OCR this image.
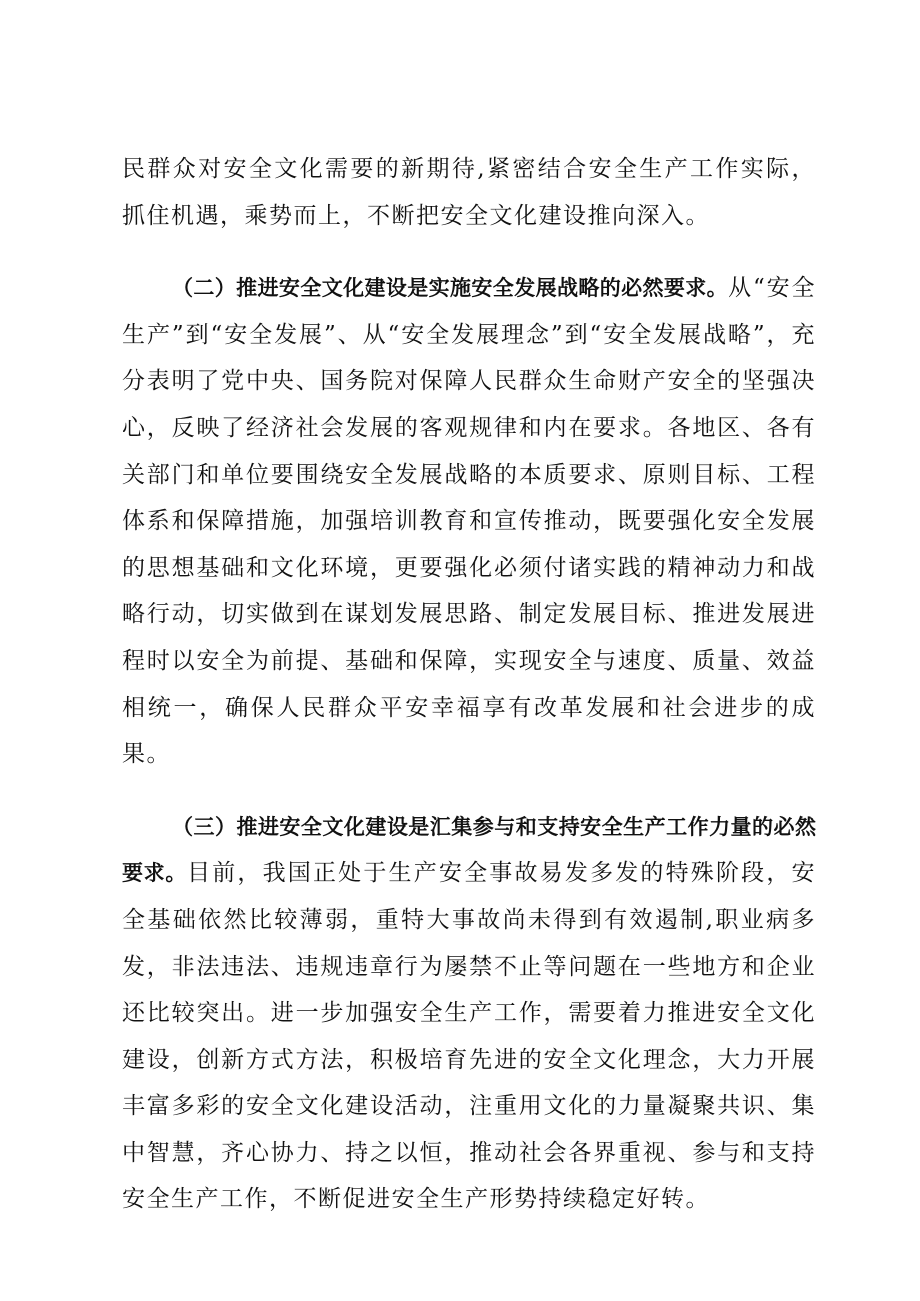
民群众对安全文化需要的新期待,紧密结合安全生产工作实际，抓住机遇，乘势而上，不断把安全文化建设推向深入。

（二）推进安全文化建设是实施安全发展战略的必然要求。从“安全生产”到“安全发展”、从“安全发展理念”到“安全发展战略”，充分表明了党中央、国务院对保障人民群众生命财产安全的坚强决心，反映了经济社会发展的客观规律和内在要求。各地区、各有关部门和单位要围绕安全发展战略的本质要求、原则目标、工程体系和保障措施，加强培训教育和宣传推动，既要强化安全发展的思想基础和文化环境，更要强化必须付诸实践的精神动力和战略行动，切实做到在谋划发展思路、制定发展目标、推进发展进程时以安全为前提、基础和保障，实现安全与速度、质量、效益相统一，确保人民群众平安幸福享有改革发展和社会进步的成果。

（三）推进安全文化建设是汇集参与和支持安全生产工作力量的必然要求。目前，我国正处于生产安全事故易发多发的特殊阶段，安全基础依然比较薄弱，重特大事故尚未得到有效遏制,职业病多发，非法违法、违规违章行为屡禁不止等问题在一些地方和企业还比较突出。进一步加强安全生产工作，需要着力推进安全文化建设，创新方式方法，积极培育先进的安全文化理念，大力开展丰富多彩的安全文化建设活动，注重用文化的力量凝聚共识、集中智慧，齐心协力、持之以恒，推动社会各界重视、参与和支持安全生产工作，不断促进安全生产形势持续稳定好转。
